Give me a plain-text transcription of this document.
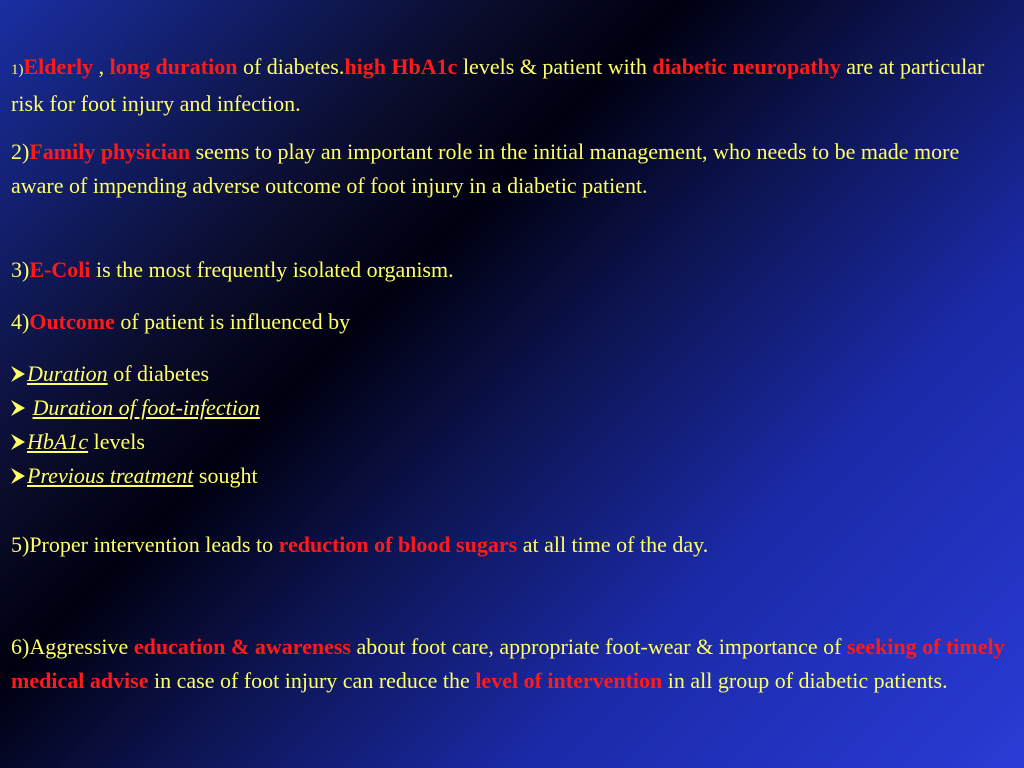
1)Elderly , long duration of diabetes.high HbA1c levels & patient with diabetic neuropathy are at particular risk for foot injury and infection.

2)Family physician seems to play an important role in the initial management, who needs to be made more aware of impending adverse outcome of foot injury in a diabetic patient.

3)E-Coli is the most frequently isolated organism.

4)Outcome of patient is influenced by

Duration of diabetes

Duration of foot-infection

HbA1c levels

Previous treatment sought

5)Proper intervention leads to reduction of blood sugars at all time of the day.

6)Aggressive education & awareness about foot care, appropriate foot-wear & importance of seeking of timely medical advise in case of foot injury can reduce the level of intervention in all group of diabetic patients.
